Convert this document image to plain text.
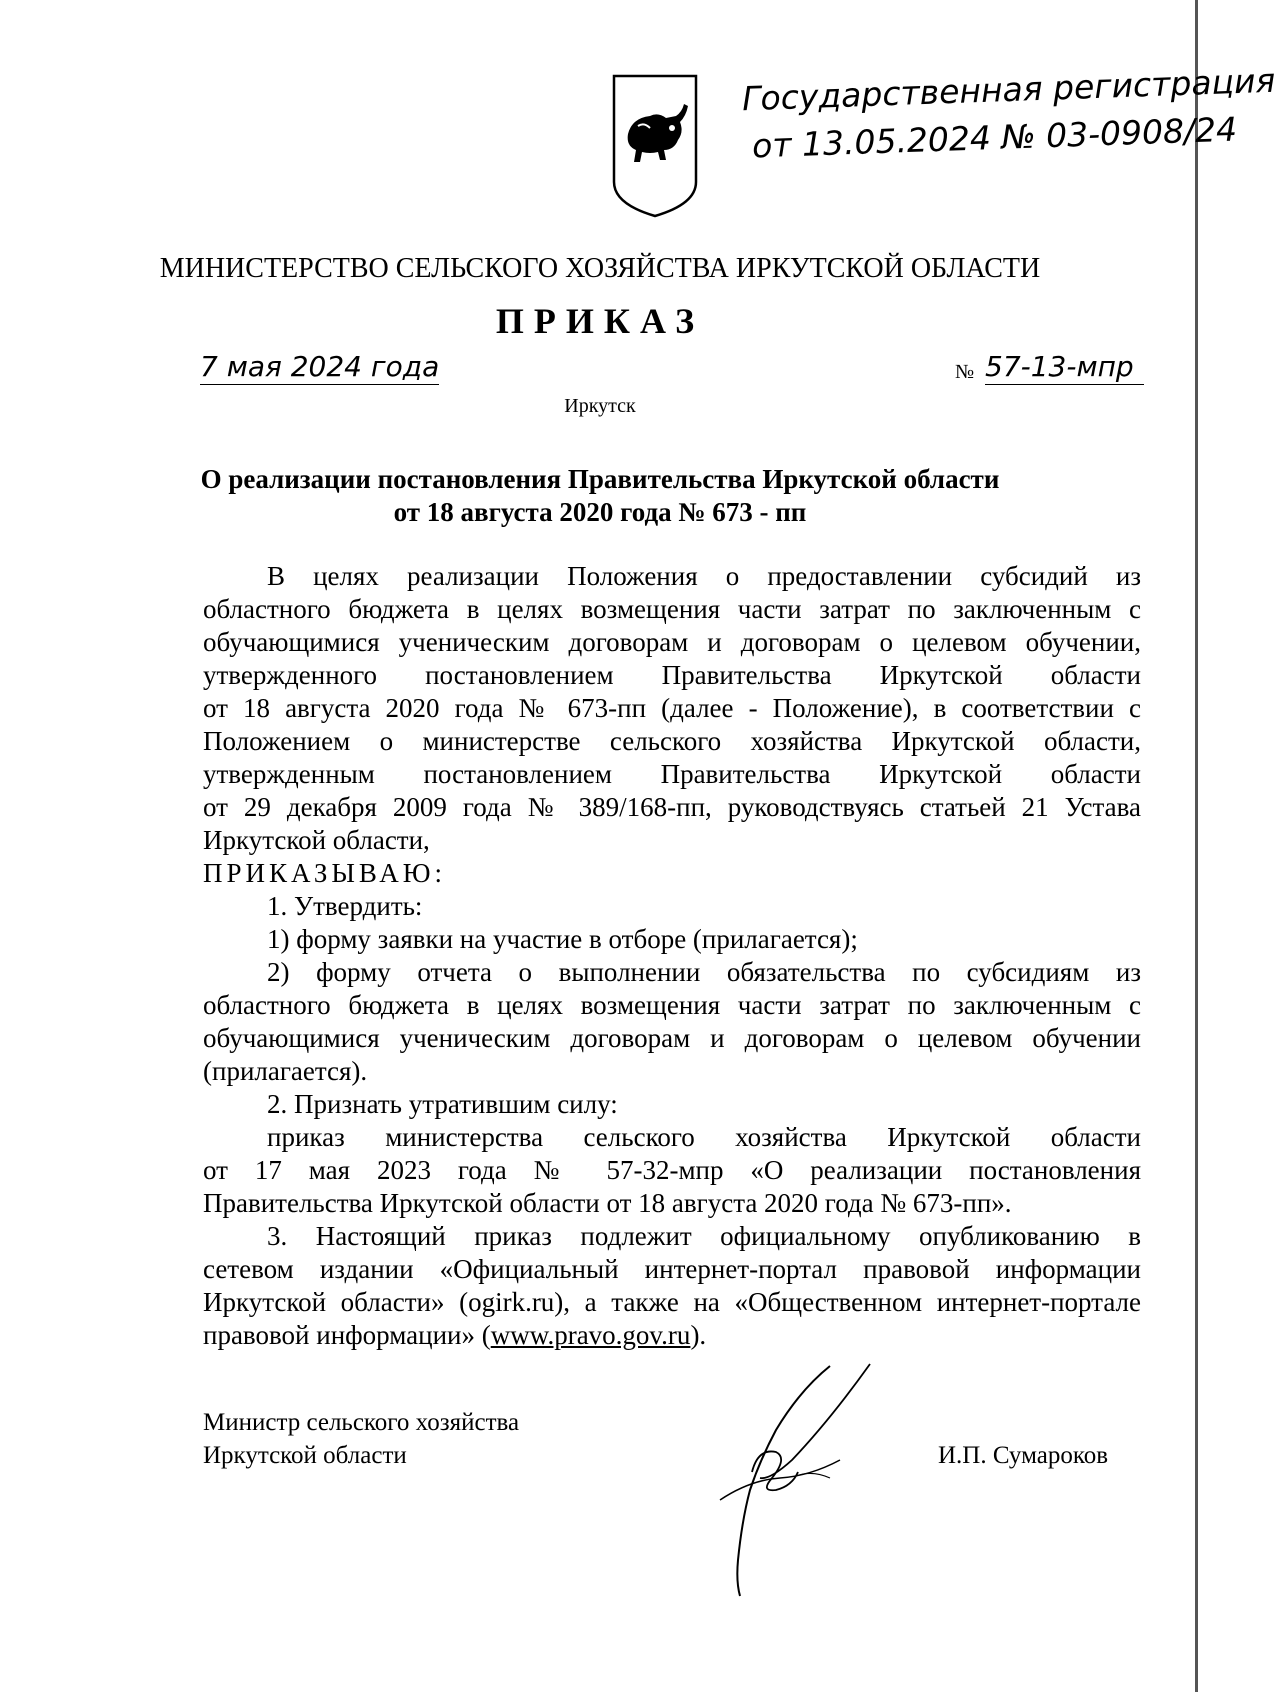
Государственная регистрация
от 13.05.2024 № 03-0908/24
МИНИСТЕРСТВО СЕЛЬСКОГО ХОЗЯЙСТВА ИРКУТСКОЙ ОБЛАСТИ
ПРИКАЗ
7 мая 2024 года	№ 57-13-мпр
Иркутск
О реализации постановления Правительства Иркутской области
от 18 августа 2020 года № 673 - пп
В целях реализации Положения о предоставлении субсидий из
областного бюджета в целях возмещения части затрат по заключенным с
обучающимися ученическим договорам и договорам о целевом обучении,
утвержденного постановлением Правительства Иркутской области
от 18 августа 2020 года № 673-пп (далее - Положение), в соответствии с
Положением о министерстве сельского хозяйства Иркутской области,
утвержденным постановлением Правительства Иркутской области
от 29 декабря 2009 года № 389/168-пп, руководствуясь статьей 21 Устава
Иркутской области,
ПРИКАЗЫВАЮ:
1. Утвердить:
1) форму заявки на участие в отборе (прилагается);
2) форму отчета о выполнении обязательства по субсидиям из
областного бюджета в целях возмещения части затрат по заключенным с
обучающимися ученическим договорам и договорам о целевом обучении
(прилагается).
2. Признать утратившим силу:
приказ министерства сельского хозяйства Иркутской области
от 17 мая 2023 года № 57-32-мпр «О реализации постановления
Правительства Иркутской области от 18 августа 2020 года № 673-пп».
3. Настоящий приказ подлежит официальному опубликованию в
сетевом издании «Официальный интернет-портал правовой информации
Иркутской области» (ogirk.ru), а также на «Общественном интернет-портале
правовой информации» (www.pravo.gov.ru).
Министр сельского хозяйства
Иркутской области	И.П. Сумароков
